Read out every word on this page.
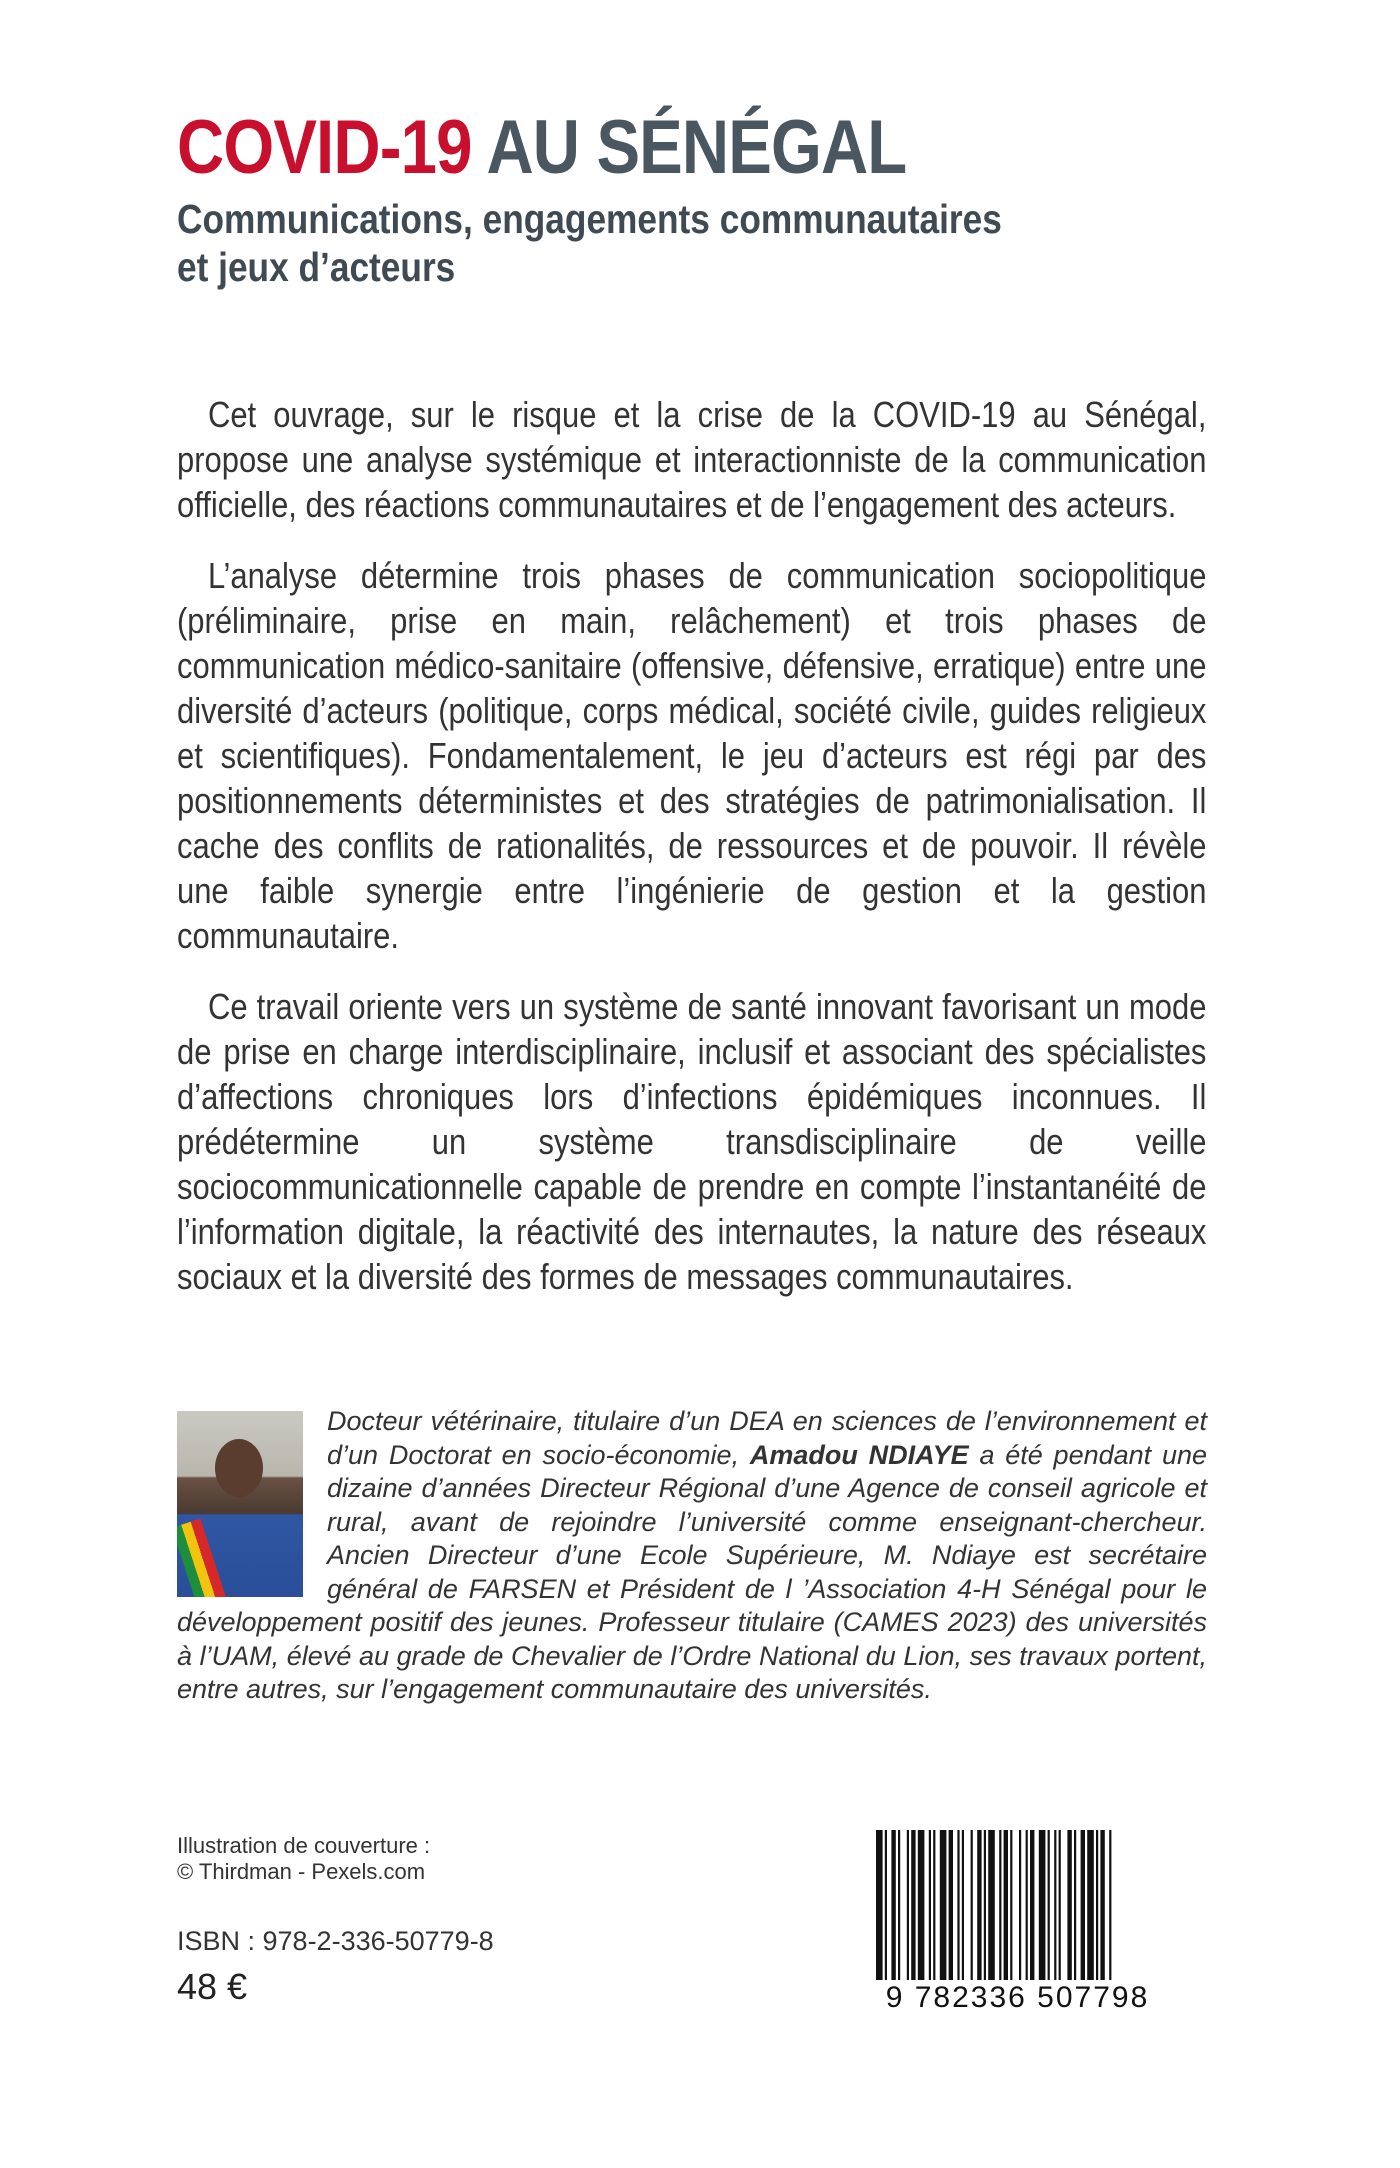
COVID-19 AU SÉNÉGAL
Communications, engagements communautaires
et jeux d’acteurs

Cet ouvrage, sur le risque et la crise de la COVID-19 au Sénégal, propose une analyse systémique et interactionniste de la communication officielle, des réactions communautaires et de l’engagement des acteurs.

L’analyse détermine trois phases de communication sociopolitique (préliminaire, prise en main, relâchement) et trois phases de communication médico-sanitaire (offensive, défensive, erratique) entre une diversité d’acteurs (politique, corps médical, société civile, guides religieux et scientifiques). Fondamentalement, le jeu d’acteurs est régi par des positionnements déterministes et des stratégies de patrimonialisation. Il cache des conflits de rationalités, de ressources et de pouvoir. Il révèle une faible synergie entre l’ingénierie de gestion et la gestion communautaire.

Ce travail oriente vers un système de santé innovant favorisant un mode de prise en charge interdisciplinaire, inclusif et associant des spécialistes d’affections chroniques lors d’infections épidémiques inconnues. Il prédétermine un système transdisciplinaire de veille sociocommunicationnelle capable de prendre en compte l’instantanéité de l’information digitale, la réactivité des internautes, la nature des réseaux sociaux et la diversité des formes de messages communautaires.

Docteur vétérinaire, titulaire d’un DEA en sciences de l’environnement et d’un Doctorat en socio-économie, Amadou NDIAYE a été pendant une dizaine d’années Directeur Régional d’une Agence de conseil agricole et rural, avant de rejoindre l’université comme enseignant-chercheur. Ancien Directeur d’une Ecole Supérieure, M. Ndiaye est secrétaire général de FARSEN et Président de l ’Association 4-H Sénégal pour le développement positif des jeunes. Professeur titulaire (CAMES 2023) des universités à l’UAM, élevé au grade de Chevalier de l’Ordre National du Lion, ses travaux portent, entre autres, sur l’engagement communautaire des universités.

Illustration de couverture :
© Thirdman - Pexels.com
ISBN : 978-2-336-50779-8
48 €	9 782336 507798
